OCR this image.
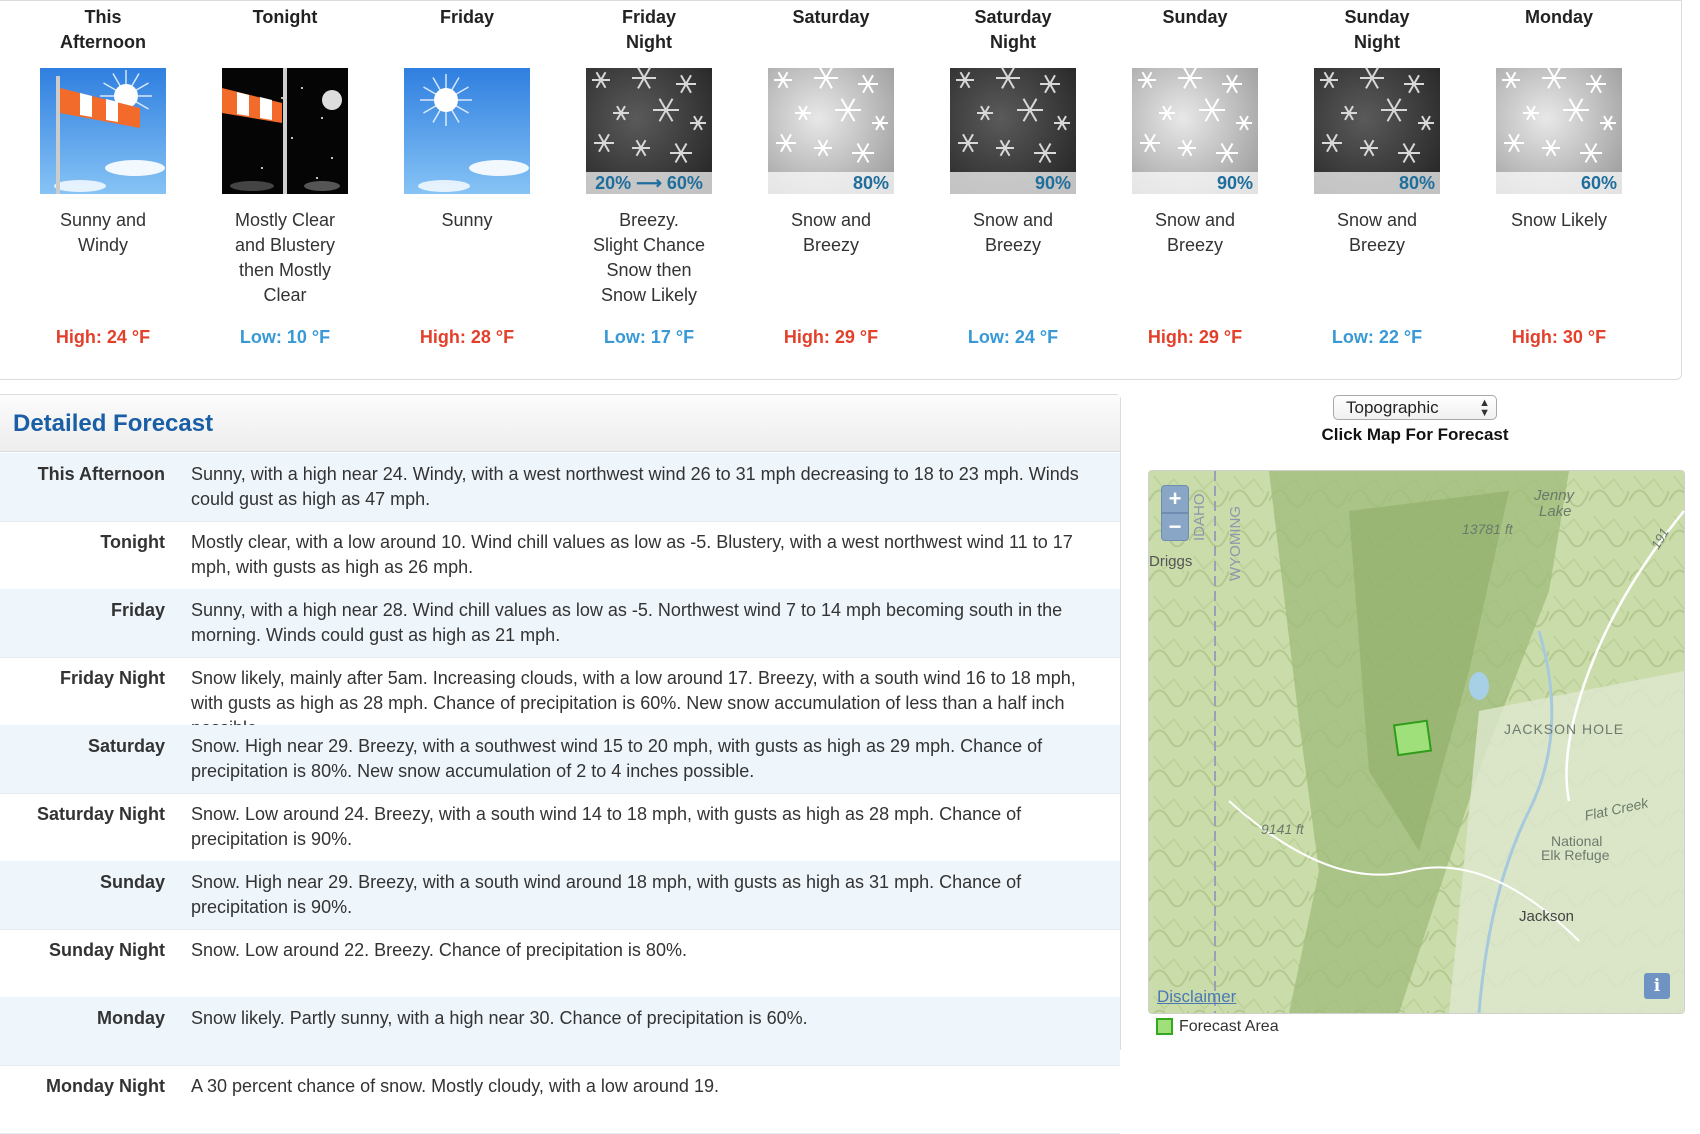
This
Afternoon
Sunny and
Windy
High: 24 °F
Tonight
Mostly Clear
and Blustery
then Mostly
Clear
Low: 10 °F
Friday
Sunny
High: 28 °F
Friday
Night
20% ⟶ 60%
Breezy.
Slight Chance
Snow then
Snow Likely
Low: 17 °F
Saturday
80%
Snow and
Breezy
High: 29 °F
Saturday
Night
90%
Snow and
Breezy
Low: 24 °F
Sunday
90%
Snow and
Breezy
High: 29 °F
Sunday
Night
80%
Snow and
Breezy
Low: 22 °F
Monday
60%
Snow Likely
High: 30 °F
Detailed Forecast
This Afternoon Sunny, with a high near 24. Windy, with a west northwest wind 26 to 31 mph decreasing to 18 to 23 mph. Winds could gust as high as 47 mph.
Tonight Mostly clear, with a low around 10. Wind chill values as low as -5. Blustery, with a west northwest wind 11 to 17 mph, with gusts as high as 26 mph.
Friday Sunny, with a high near 28. Wind chill values as low as -5. Northwest wind 7 to 14 mph becoming south in the morning. Winds could gust as high as 21 mph.
Friday Night Snow likely, mainly after 5am. Increasing clouds, with a low around 17. Breezy, with a south wind 16 to 18 mph, with gusts as high as 28 mph. Chance of precipitation is 60%. New snow accumulation of less than a half inch
Saturday Snow. High near 29. Breezy, with a southwest wind 15 to 20 mph, with gusts as high as 29 mph. Chance of precipitation is 80%. New snow accumulation of 2 to 4 inches possible.
Saturday Night Snow. Low around 24. Breezy, with a south wind 14 to 18 mph, with gusts as high as 28 mph. Chance of precipitation is 90%.
Sunday Snow. High near 29. Breezy, with a south wind around 18 mph, with gusts as high as 31 mph. Chance of precipitation is 90%.
Sunday Night Snow. Low around 22. Breezy. Chance of precipitation is 80%.
Monday Snow likely. Partly sunny, with a high near 30. Chance of precipitation is 60%.
Monday Night A 30 percent chance of snow. Mostly cloudy, with a low around 19.
Topographic	▲
▼
Click Map For Forecast
+
− IDAHO WYOMING
Driggs
Jenny
Lake
13781 ft
9141 ft
191
JACKSON HOLE
Flat Creek
National
Elk Refuge
Jackson
Disclaimer
i
Forecast Area
